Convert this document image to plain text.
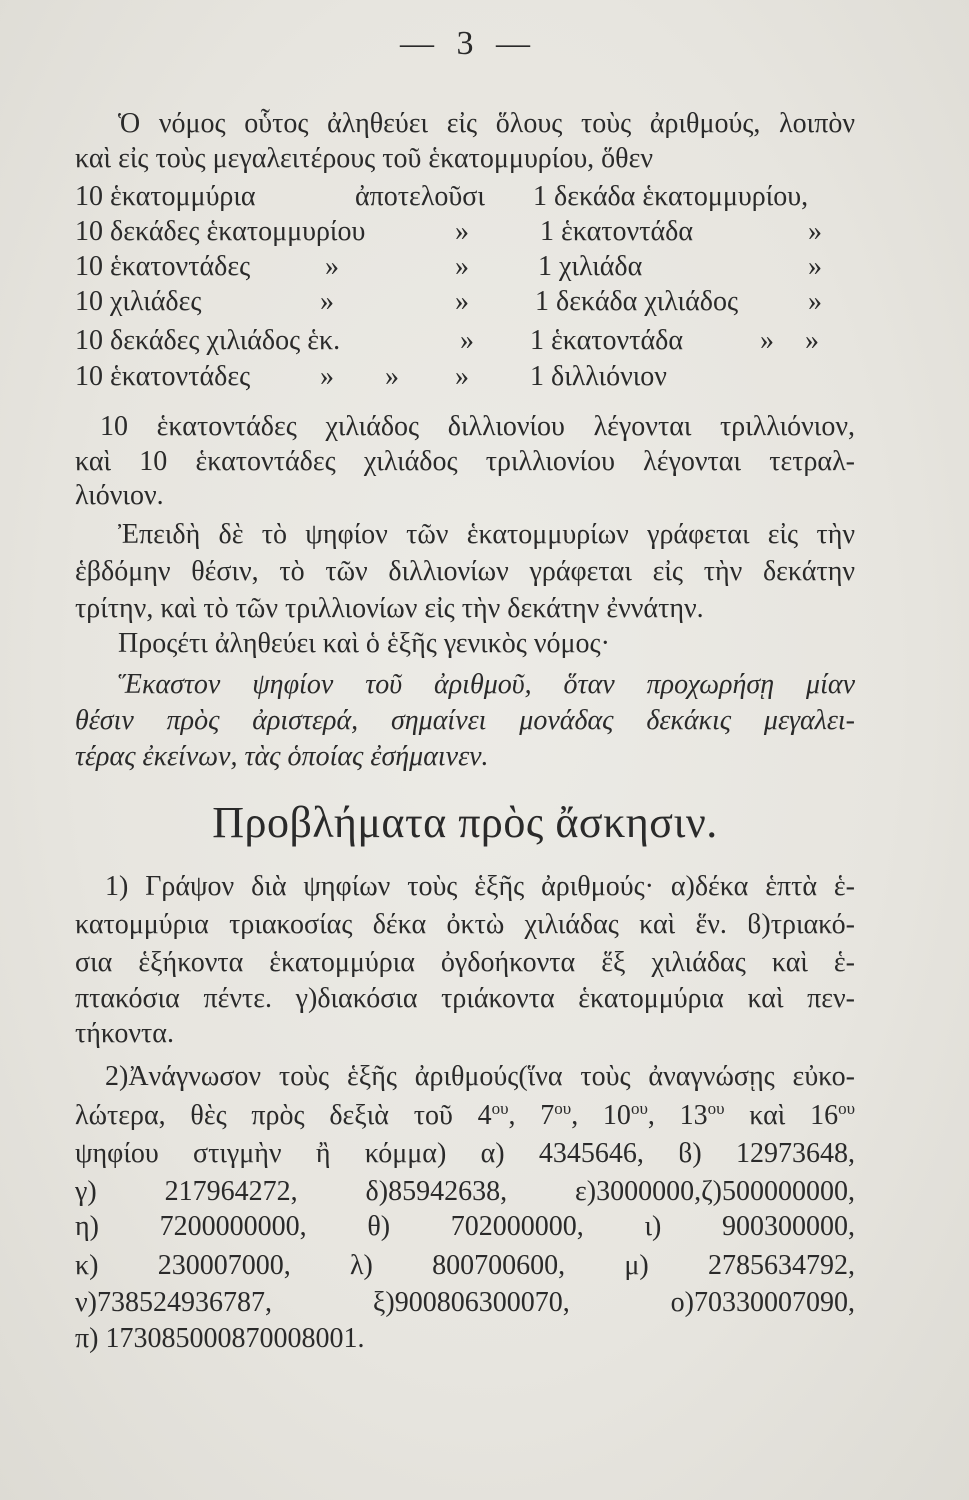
— 3 —
Ὁ νόμος οὗτος ἀληθεύει εἰς ὅλους τοὺς ἀριθμούς, λοιπὸν
καὶ εἰς τοὺς μεγαλειτέρους τοῦ ἑκατομμυρίου, ὅθεν
10 ἑκατομμύρια	ἀποτελοῦσι 1 δεκάδα ἑκατομμυρίου,
10 δεκάδες ἑκατομμυρίου	»	1 ἑκατοντάδα	»
10 ἑκατοντάδες	»	» 1 χιλιάδα	»
10 χιλιάδες	»	» 1 δεκάδα χιλιάδος »
10 δεκάδες χιλιάδος ἑκ.	» 1 ἑκατοντάδα	» »
10 ἑκατοντάδες » » » 1 διλλιόνιον
10 ἑκατοντάδες χιλιάδος διλλιονίου λέγονται τριλλιόνιον,
καὶ 10 ἑκατοντάδες χιλιάδος τριλλιονίου λέγονται τετραλ-
λιόνιον.
Ἐπειδὴ δὲ τὸ ψηφίον τῶν ἑκατομμυρίων γράφεται εἰς τὴν
ἑβδόμην θέσιν, τὸ τῶν διλλιονίων γράφεται εἰς τὴν δεκάτην
τρίτην, καὶ τὸ τῶν τριλλιονίων εἰς τὴν δεκάτην ἐννάτην.
Προςέτι ἀληθεύει καὶ ὁ ἑξῆς γενικὸς νόμος·
Ἕκαστον ψηφίον τοῦ ἀριθμοῦ, ὅταν προχωρήσῃ μίαν
θέσιν πρὸς ἀριστερά, σημαίνει μονάδας δεκάκις μεγαλει-
τέρας ἐκείνων, τὰς ὁποίας ἐσήμαινεν.
Προβλήματα πρὸς ἄσκησιν.
1) Γράψον διὰ ψηφίων τοὺς ἑξῆς ἀριθμούς· α)δέκα ἑπτὰ ἑ-
κατομμύρια τριακοσίας δέκα ὀκτὼ χιλιάδας καὶ ἕν. ϐ)τριακό-
σια ἑξήκοντα ἑκατομμύρια ὀγδοήκοντα ἕξ χιλιάδας καὶ ἑ-
πτακόσια πέντε. γ)διακόσια τριάκοντα ἑκατομμύρια καὶ πεν-
τήκοντα.
2)Ἀνάγνωσον τοὺς ἑξῆς ἀριθμούς(ἵνα τοὺς ἀναγνώσῃς εὐκο-
λώτερα, θὲς πρὸς δεξιὰ τοῦ $4^{o\upsilon}$, $7^{o\upsilon}$, $10^{o\upsilon}$, $13^{o\upsilon}$ καὶ $16^{o\upsilon}$
ψηφίου στιγμὴν ἢ κόμμα) α) 4345646, ϐ) 12973648,
γ) 217964272, δ)85942638, ε)3000000,ζ)500000000,
η) 7200000000, θ) 702000000, ι) 900300000,
κ) 230007000, λ) 800700600, μ) 2785634792,
ν)738524936787, ξ)900806300070, ο)70330007090,
π) 173085000870008001.
